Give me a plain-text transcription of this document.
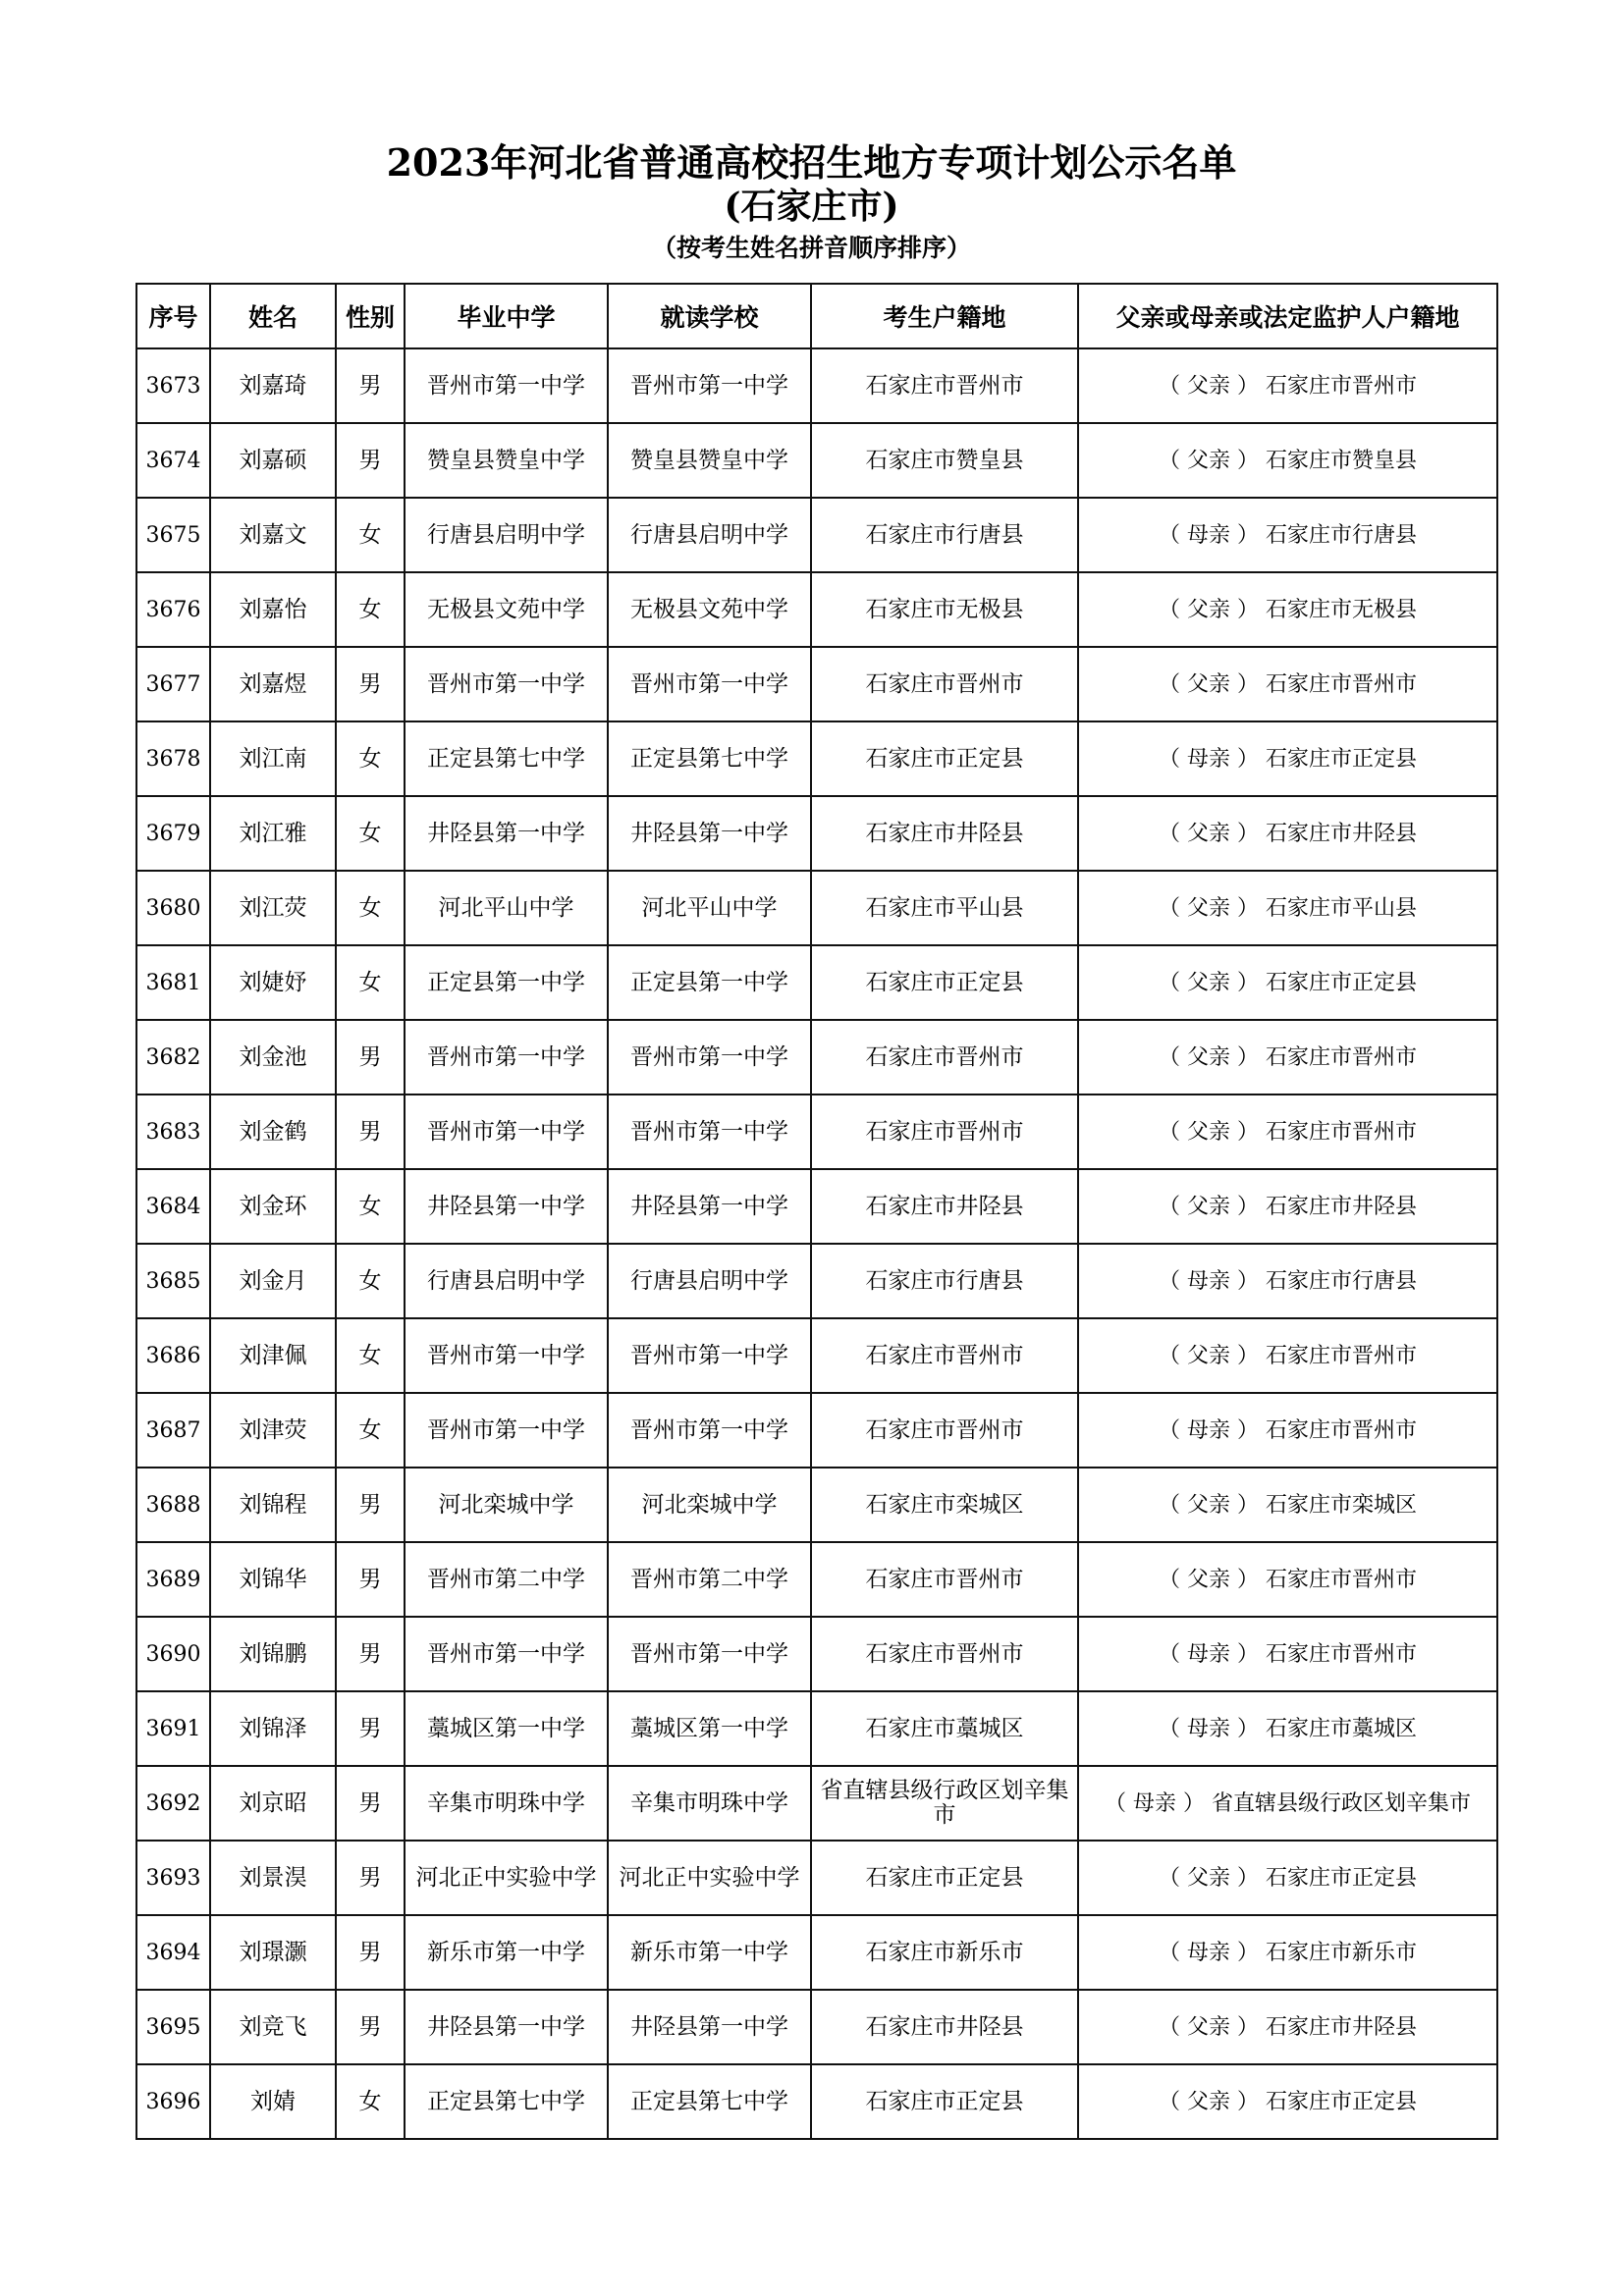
2023年河北省普通高校招生地方专项计划公示名单
(石家庄市)
（按考生姓名拼音顺序排序）
序号	姓名	性别	毕业中学	就读学校	考生户籍地	父亲或母亲或法定监护人户籍地
3673	刘嘉琦	男	晋州市第一中学	晋州市第一中学	石家庄市晋州市	（ 父亲 ） 石家庄市晋州市
3674	刘嘉硕	男	赞皇县赞皇中学	赞皇县赞皇中学	石家庄市赞皇县	（ 父亲 ） 石家庄市赞皇县
3675	刘嘉文	女	行唐县启明中学	行唐县启明中学	石家庄市行唐县	（ 母亲 ） 石家庄市行唐县
3676	刘嘉怡	女	无极县文苑中学	无极县文苑中学	石家庄市无极县	（ 父亲 ） 石家庄市无极县
3677	刘嘉煜	男	晋州市第一中学	晋州市第一中学	石家庄市晋州市	（ 父亲 ） 石家庄市晋州市
3678	刘江南	女	正定县第七中学	正定县第七中学	石家庄市正定县	（ 母亲 ） 石家庄市正定县
3679	刘江雅	女	井陉县第一中学	井陉县第一中学	石家庄市井陉县	（ 父亲 ） 石家庄市井陉县
3680	刘江荧	女	河北平山中学	河北平山中学	石家庄市平山县	（ 父亲 ） 石家庄市平山县
3681	刘婕妤	女	正定县第一中学	正定县第一中学	石家庄市正定县	（ 父亲 ） 石家庄市正定县
3682	刘金池	男	晋州市第一中学	晋州市第一中学	石家庄市晋州市	（ 父亲 ） 石家庄市晋州市
3683	刘金鹤	男	晋州市第一中学	晋州市第一中学	石家庄市晋州市	（ 父亲 ） 石家庄市晋州市
3684	刘金环	女	井陉县第一中学	井陉县第一中学	石家庄市井陉县	（ 父亲 ） 石家庄市井陉县
3685	刘金月	女	行唐县启明中学	行唐县启明中学	石家庄市行唐县	（ 母亲 ） 石家庄市行唐县
3686	刘津佩	女	晋州市第一中学	晋州市第一中学	石家庄市晋州市	（ 父亲 ） 石家庄市晋州市
3687	刘津荧	女	晋州市第一中学	晋州市第一中学	石家庄市晋州市	（ 母亲 ） 石家庄市晋州市
3688	刘锦程	男	河北栾城中学	河北栾城中学	石家庄市栾城区	（ 父亲 ） 石家庄市栾城区
3689	刘锦华	男	晋州市第二中学	晋州市第二中学	石家庄市晋州市	（ 父亲 ） 石家庄市晋州市
3690	刘锦鹏	男	晋州市第一中学	晋州市第一中学	石家庄市晋州市	（ 母亲 ） 石家庄市晋州市
3691	刘锦泽	男	藁城区第一中学	藁城区第一中学	石家庄市藁城区	（ 母亲 ） 石家庄市藁城区
3692	刘京昭	男	辛集市明珠中学	辛集市明珠中学	省直辖县级行政区划辛集市	（ 母亲 ） 省直辖县级行政区划辛集市
3693	刘景淏	男	河北正中实验中学	河北正中实验中学	石家庄市正定县	（ 父亲 ） 石家庄市正定县
3694	刘璟灏	男	新乐市第一中学	新乐市第一中学	石家庄市新乐市	（ 母亲 ） 石家庄市新乐市
3695	刘竞飞	男	井陉县第一中学	井陉县第一中学	石家庄市井陉县	（ 父亲 ） 石家庄市井陉县
3696	刘婧	女	正定县第七中学	正定县第七中学	石家庄市正定县	（ 父亲 ） 石家庄市正定县
